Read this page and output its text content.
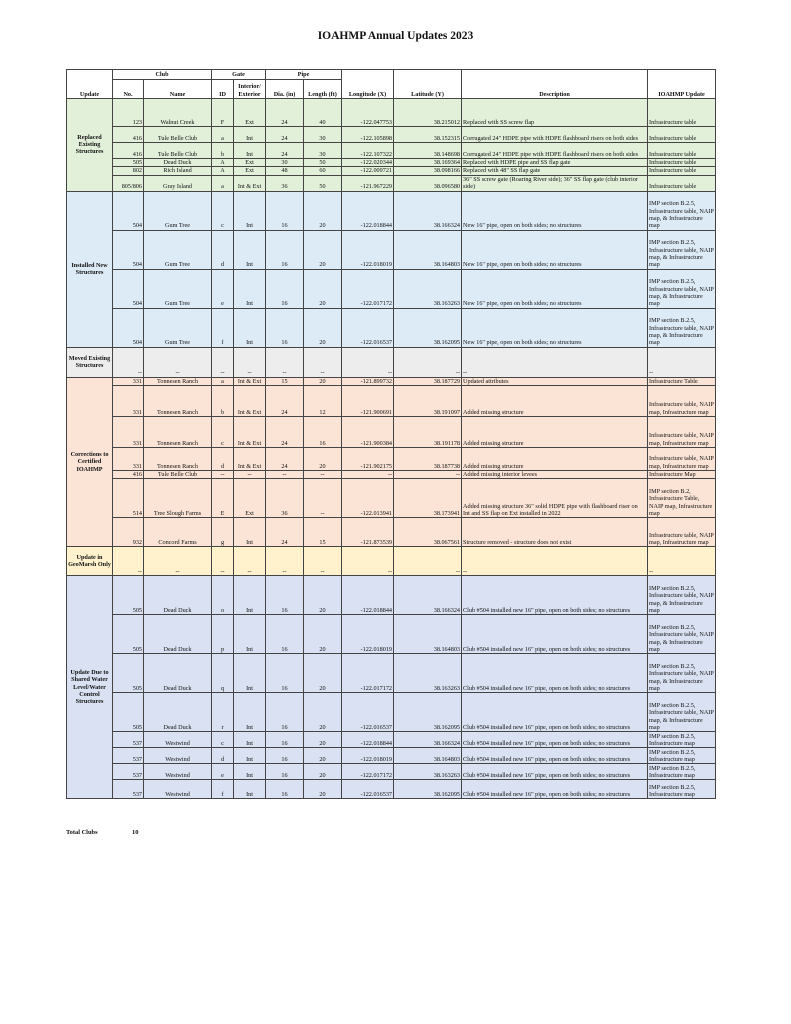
IOAHMP Annual Updates 2023
Update	Club		Gate		Pipe		Longitude (X)	Latitude (Y)	Description	IOAHMP Update
	No.	Name	ID	Interior/ Exterior	Dia. (in)	Length (ft)				

Replaced Existing Structures	123	Walnut Creek	F	Ext	24	40	-122.047753	38.215012	Replaced with SS screw flap	Infrastructure table
	416	Tule Belle Club	a	Int	24	30	-122.105898	38.152315	Corrugated 24" HDPE pipe with HDPE flashboard risers on both sides	Infrastructure table
	416	Tule Belle Club	b	Int	24	30	-122.107322	38.148698	Corrugated 24" HDPE pipe with HDPE flashboard risers on both sides	Infrastructure table
	505	Dead Duck	A	Ext	30	50	-122.020344	38.169364	Replaced with HDPE pipe and SS flap gate	Infrastructure table
	802	Rich Island	A	Ext	48	60	-122.009721	38.098166	Replaced with 48" SS flap gate	Infrastructure table
	805/806	Gray Island	a	Int & Ext	36	50	-121.967229	38.096580	36" SS screw gate (Roaring River side); 36" SS flap gate (club interior side)	Infrastructure table
Installed New Structures	504	Gum Tree	c	Int	16	20	-122.018844	38.166324	New 16" pipe, open on both sides; no structures	IMP section B.2.5, Infrastructure table, NAIP map, & Infrastructure map
	504	Gum Tree	d	Int	16	20	-122.018019	38.164803	New 16" pipe, open on both sides; no structures	IMP section B.2.5, Infrastructure table, NAIP map, & Infrastructure map
	504	Gum Tree	e	Int	16	20	-122.017172	38.163263	New 16" pipe, open on both sides; no structures	IMP section B.2.5, Infrastructure table, NAIP map, & Infrastructure map
	504	Gum Tree	f	Int	16	20	-122.016537	38.162095	New 16" pipe, open on both sides; no structures	IMP section B.2.5, Infrastructure table, NAIP map, & Infrastructure map
Moved Existing Structures	--	--	--	--	--	--	--	--	--	--
Corrections to Certified IOAHMP	331	Tonnesen Ranch	a	Int & Ext	15	20	-121.899732	38.187729	Updated attributes	Infrastructure Table
	331	Tonnesen Ranch	b	Int & Ext	24	12	-121.900691	38.191097	Added missing structure	Infrastructure table, NAIP map, Infrastructure map
	331	Tonnesen Ranch	c	Int & Ext	24	16	-121.900384	38.191178	Added missing structure	Infrastructure table, NAIP map, Infrastructure map
	331	Tonnesen Ranch	d	Int & Ext	24	20	-121.902175	38.187738	Added missing structure	Infrastructure table, NAIP map, Infrastructure map
	416	Tule Belle Club	--	--	--	--	--	--	Added missing interior levees	Infrastructure Map
	514	Tree Slough Farms	E	Ext	36	--	-122.013941	38.173941	Added missing structure 36" solid HDPE pipe with flashboard riser on Int and SS flap on Ext installed in 2022	IMP section B.2, Infrastructure Table, NAIP map, Infrastructure map
	932	Concord Farms	g	Int	24	15	-121.873539	38.067561	Structure removed - structure does not exist	Infrastructure table, NAIP map, Infrastructure map
Update in GeoMarsh Only	--	--	--	--	--	--	--	--	--	--
Update Due to Shared Water Level/Water Control Structures	505	Dead Duck	o	Int	16	20	-122.018844	38.166324	Club #504 installed new 16" pipe, open on both sides; no structures	IMP section B.2.5, Infrastructure table, NAIP map, & Infrastructure map
	505	Dead Duck	p	Int	16	20	-122.018019	38.164803	Club #504 installed new 16" pipe, open on both sides; no structures	IMP section B.2.5, Infrastructure table, NAIP map, & Infrastructure map
	505	Dead Duck	q	Int	16	20	-122.017172	38.163263	Club #504 installed new 16" pipe, open on both sides; no structures	IMP section B.2.5, Infrastructure table, NAIP map, & Infrastructure map
	505	Dead Duck	r	Int	16	20	-122.016537	38.162095	Club #504 installed new 16" pipe, open on both sides; no structures	IMP section B.2.5, Infrastructure table, NAIP map, & Infrastructure map
	537	Westwind	c	Int	16	20	-122.018844	38.166324	Club #504 installed new 16" pipe, open on both sides; no structures	IMP section B.2.5, Infrastructure map
	537	Westwind	d	Int	16	20	-122.018019	38.164803	Club #504 installed new 16" pipe, open on both sides; no structures	IMP section B.2.5, Infrastructure map
	537	Westwind	e	Int	16	20	-122.017172	38.163263	Club #504 installed new 16" pipe, open on both sides; no structures	IMP section B.2.5, Infrastructure map
	537	Westwind	f	Int	16	20	-122.016537	38.162095	Club #504 installed new 16" pipe, open on both sides; no structures	IMP section B.2.5, Infrastructure map
Total Clubs	10
